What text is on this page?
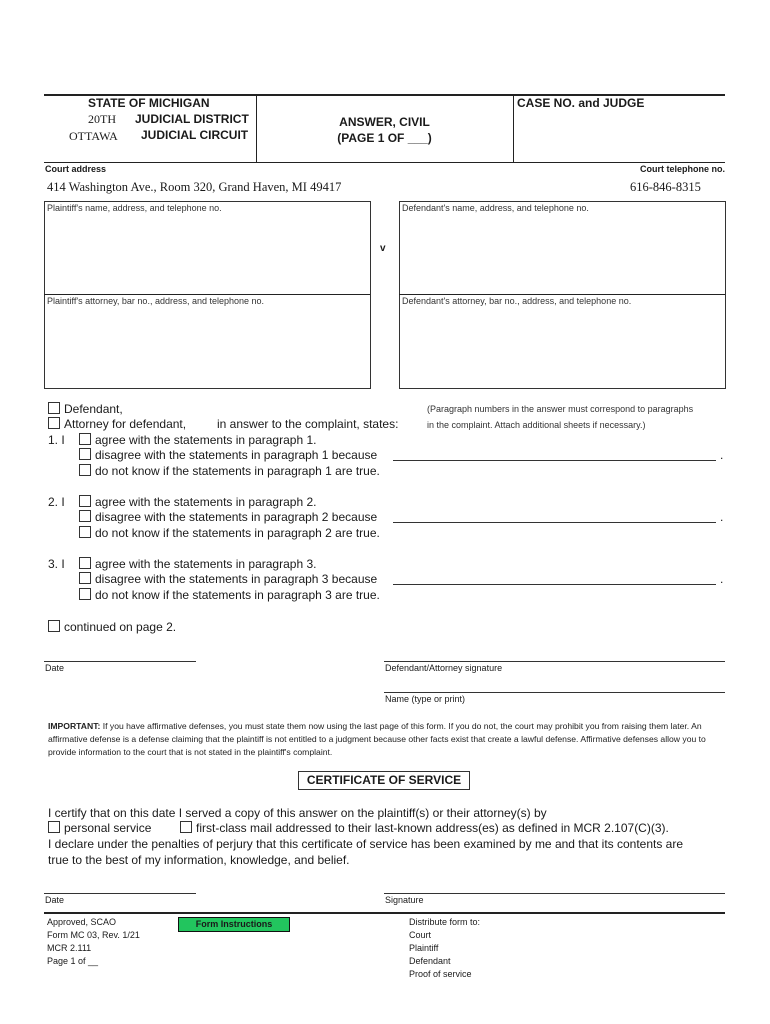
STATE OF MICHIGAN
20TH JUDICIAL DISTRICT
OTTAWA JUDICIAL CIRCUIT
ANSWER, CIVIL
(PAGE 1 OF ___)
CASE NO. and JUDGE
Court address	Court telephone no.
414 Washington Ave., Room 320, Grand Haven, MI 49417	616-846-8315
Plaintiff's name, address, and telephone no.
Plaintiff's attorney, bar no., address, and telephone no.
v
Defendant's name, address, and telephone no.
Defendant's attorney, bar no., address, and telephone no.
Defendant,
Attorney for defendant,	in answer to the complaint, states:
(Paragraph numbers in the answer must correspond to paragraphs
in the complaint. Attach additional sheets if necessary.)
1. I	agree with the statements in paragraph 1.
disagree with the statements in paragraph 1 because	.
do not know if the statements in paragraph 1 are true.
2. I	agree with the statements in paragraph 2.
disagree with the statements in paragraph 2 because	.
do not know if the statements in paragraph 2 are true.
3. I	agree with the statements in paragraph 3.
disagree with the statements in paragraph 3 because	.
do not know if the statements in paragraph 3 are true.
continued on page 2.
Date	Defendant/Attorney signature
Name (type or print)
IMPORTANT: If you have affirmative defenses, you must state them now using the last page of this form. If you do not, the court may prohibit you from raising them later. An affirmative defense is a defense claiming that the plaintiff is not entitled to a judgment because other facts exist that create a lawful defense. Affirmative defenses allow you to provide information to the court that is not stated in the plaintiff's complaint.
CERTIFICATE OF SERVICE
I certify that on this date I served a copy of this answer on the plaintiff(s) or their attorney(s) by
personal service	first-class mail addressed to their last-known address(es) as defined in MCR 2.107(C)(3).
I declare under the penalties of perjury that this certificate of service has been examined by me and that its contents are
true to the best of my information, knowledge, and belief.
Date	Signature
Approved, SCAO
Form MC 03, Rev. 1/21
MCR 2.111
Page 1 of __
Form Instructions	Distribute form to:
Court
Plaintiff
Defendant
Proof of service
